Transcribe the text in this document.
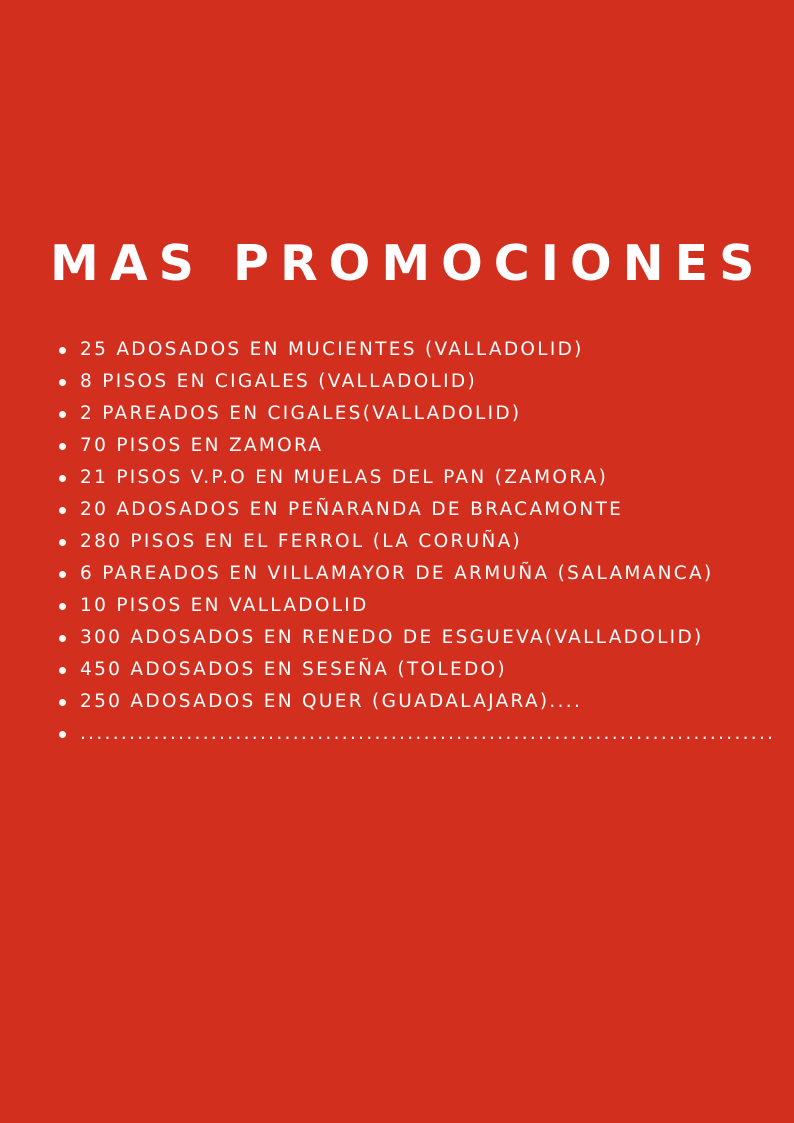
MAS PROMOCIONES
25 ADOSADOS EN MUCIENTES (VALLADOLID)
8 PISOS EN CIGALES (VALLADOLID)
2 PAREADOS EN CIGALES(VALLADOLID)
70 PISOS EN ZAMORA
21 PISOS V.P.O EN MUELAS DEL PAN (ZAMORA)
20 ADOSADOS EN PEÑARANDA DE BRACAMONTE
280 PISOS EN EL FERROL (LA CORUÑA)
6 PAREADOS EN VILLAMAYOR DE ARMUÑA (SALAMANCA)
10 PISOS EN VALLADOLID
300 ADOSADOS EN RENEDO DE ESGUEVA(VALLADOLID)
450 ADOSADOS EN SESEÑA (TOLEDO)
250 ADOSADOS EN QUER (GUADALAJARA)....
.....................................................................................
